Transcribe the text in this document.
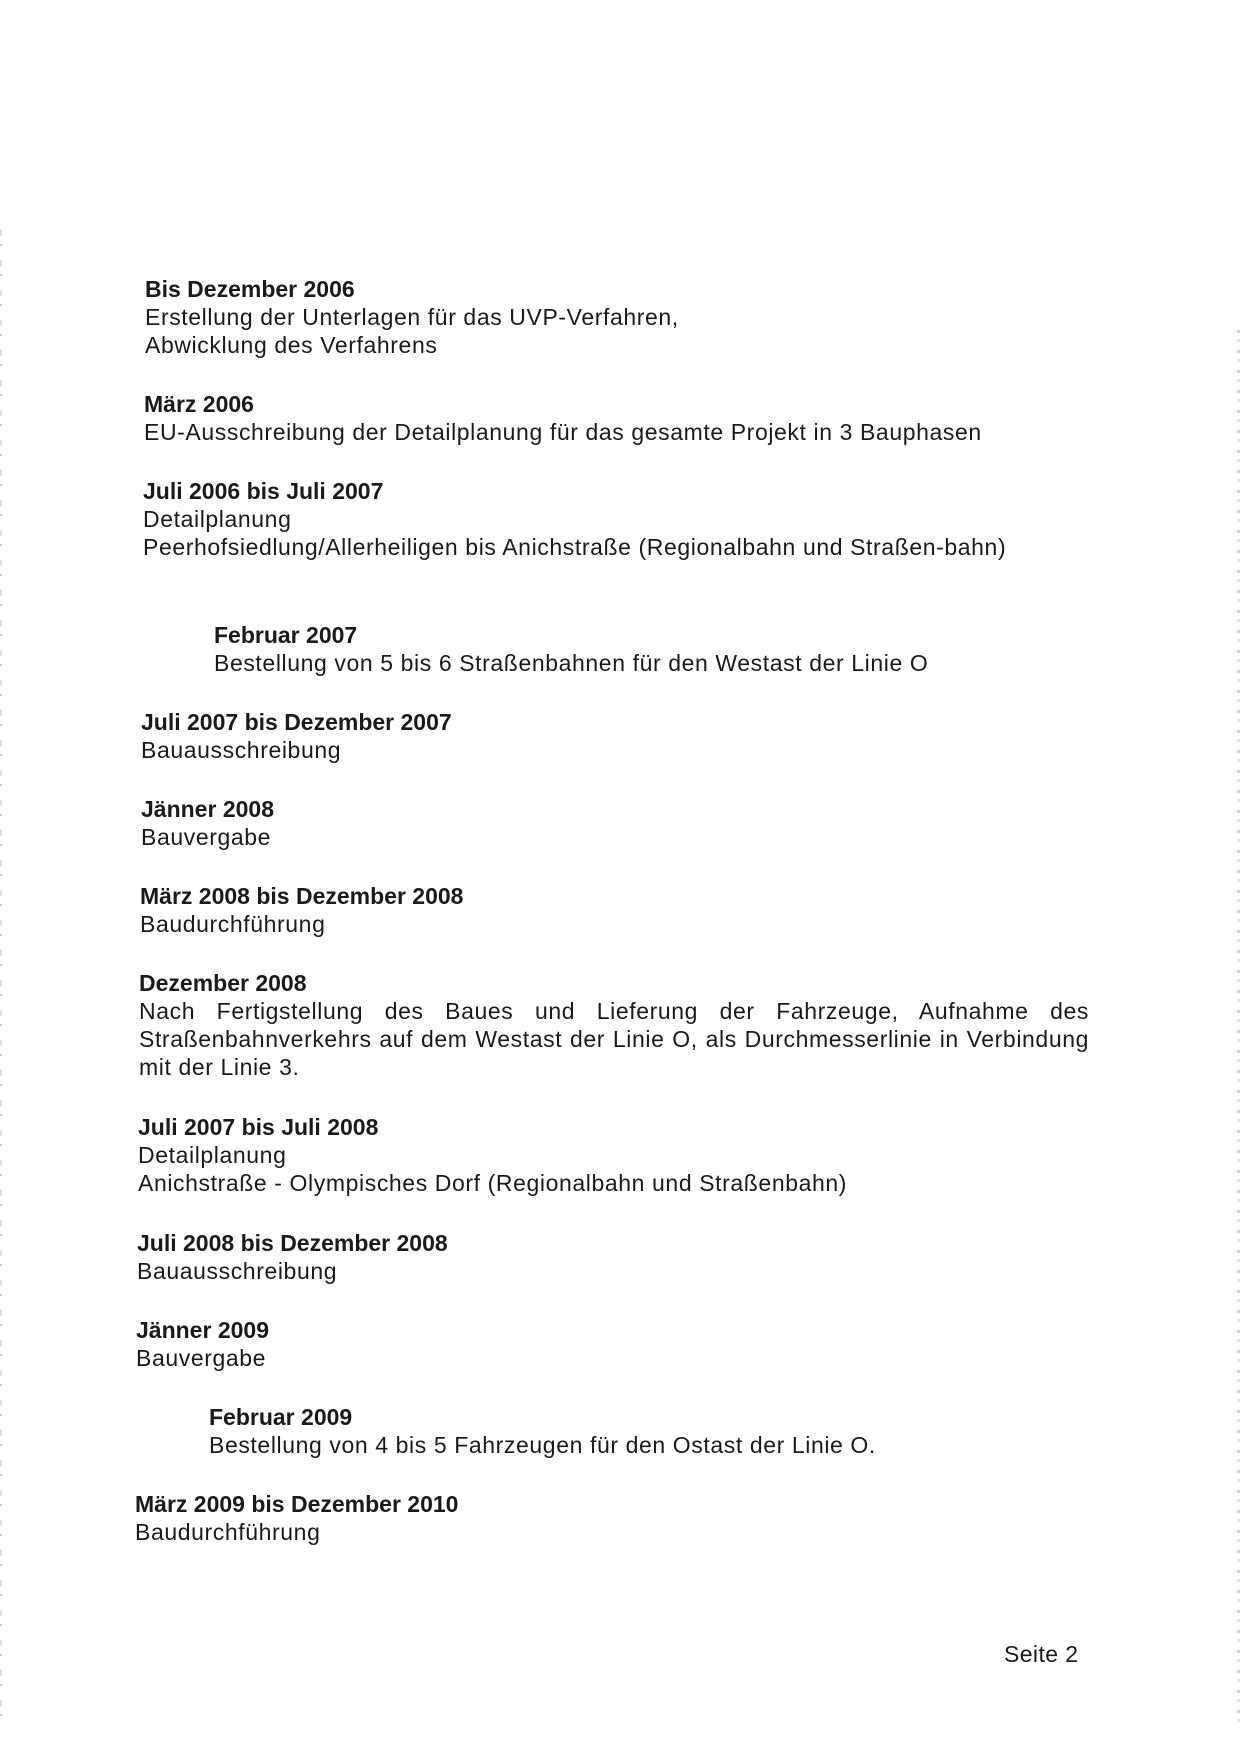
Bis Dezember 2006
Erstellung der Unterlagen für das UVP-Verfahren,
Abwicklung des Verfahrens
März 2006
EU-Ausschreibung der Detailplanung für das gesamte Projekt in 3 Bauphasen
Juli 2006 bis Juli 2007
Detailplanung
Peerhofsiedlung/Allerheiligen bis Anichstraße (Regionalbahn und Straßen-bahn)
Februar 2007
Bestellung von 5 bis 6 Straßenbahnen für den Westast der Linie O
Juli 2007 bis Dezember 2007
Bauausschreibung
Jänner 2008
Bauvergabe
März 2008 bis Dezember 2008
Baudurchführung
Dezember 2008
Nach Fertigstellung des Baues und Lieferung der Fahrzeuge, Aufnahme des Straßenbahnverkehrs auf dem Westast der Linie O, als Durchmesserlinie in Verbindung mit der Linie 3.
Juli 2007 bis Juli 2008
Detailplanung
Anichstraße - Olympisches Dorf (Regionalbahn und Straßenbahn)
Juli 2008 bis Dezember 2008
Bauausschreibung
Jänner 2009
Bauvergabe
Februar 2009
Bestellung von 4 bis 5 Fahrzeugen für den Ostast der Linie O.
März 2009 bis Dezember 2010
Baudurchführung
Seite 2
